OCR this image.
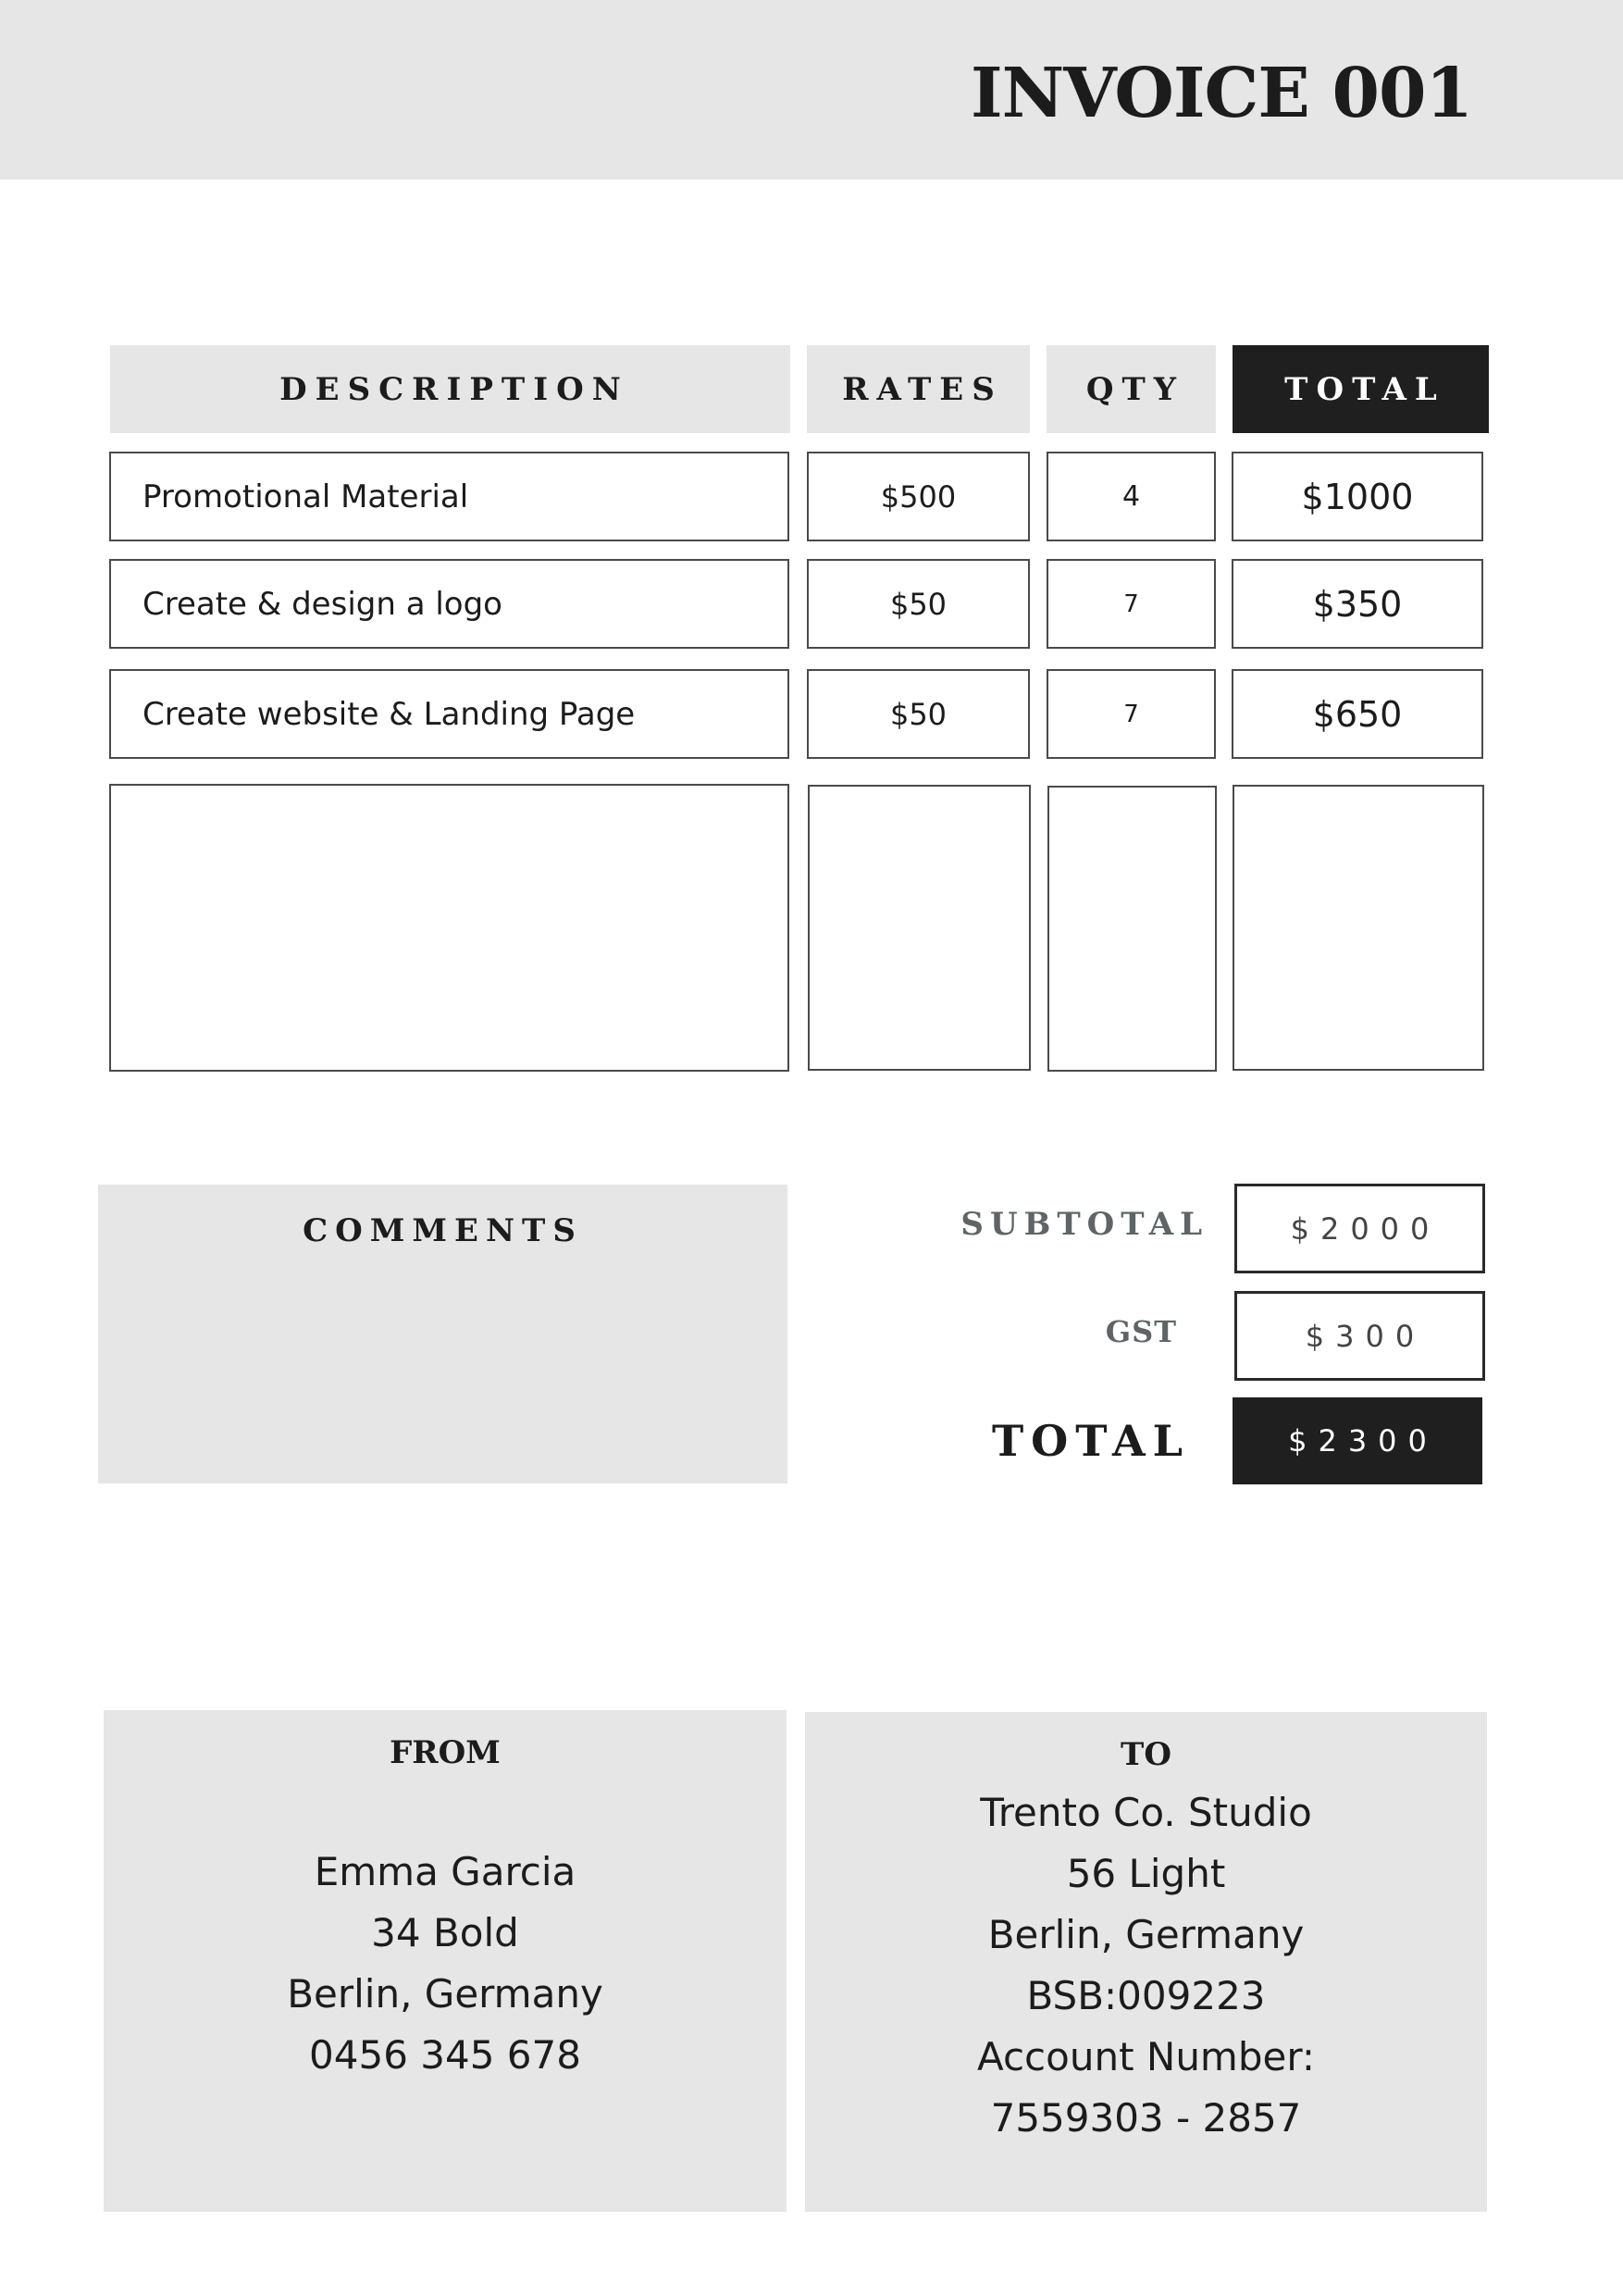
INVOICE 001
DESCRIPTION	RATES	QTY	TOTAL
Promotional Material	$500	4	$1000
Create & design a logo	$50	7	$350
Create website & Landing Page	$50	7	$650
COMMENTS	SUBTOTAL	$2000
GST	$300
TOTAL	$2300
FROM
Emma Garcia
34 Bold
Berlin, Germany
0456 345 678
TO
Trento Co. Studio
56 Light
Berlin, Germany
BSB:009223
Account Number:
7559303 - 2857
